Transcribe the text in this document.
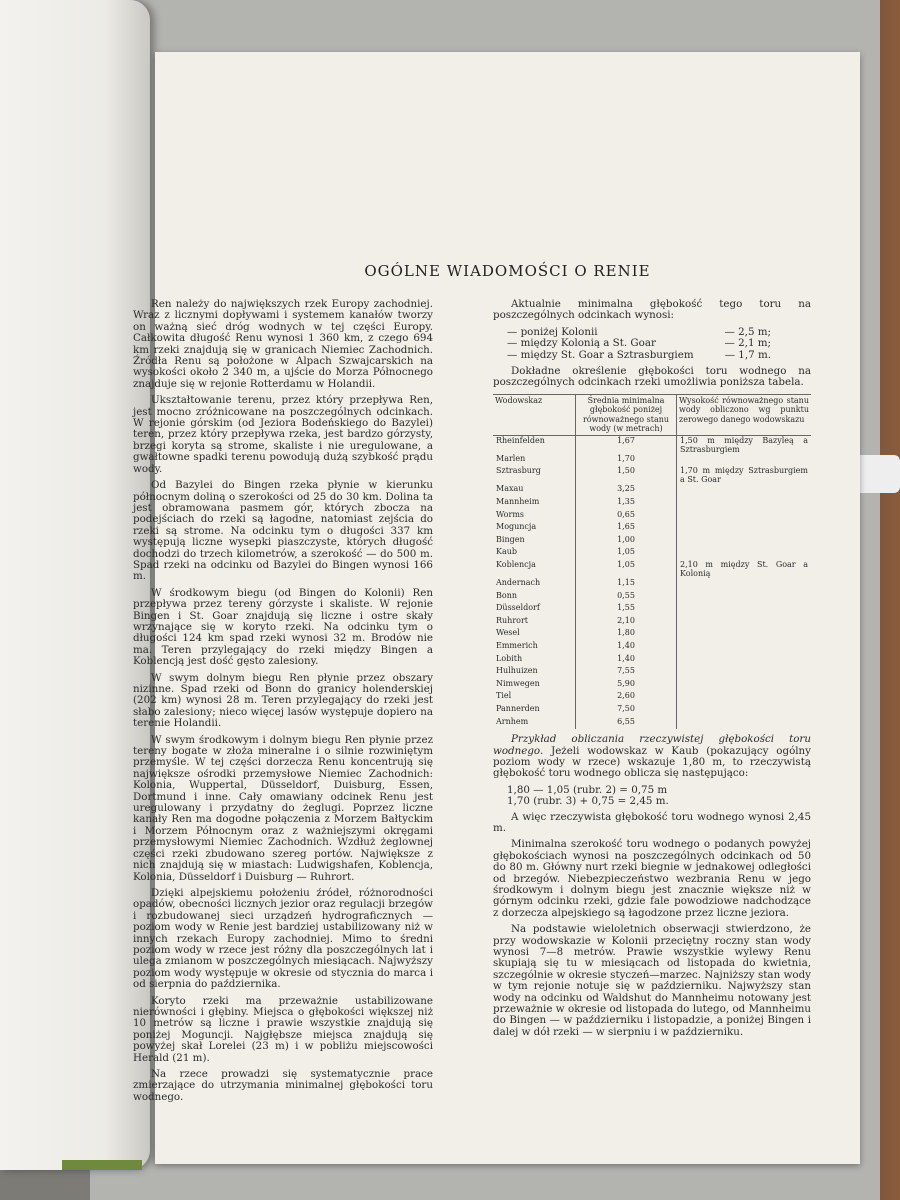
OGÓLNE WIADOMOŚCI O RENIE

Ren należy do największych rzek Europy zachodniej. Wraz z licznymi dopływami i systemem kanałów tworzy on ważną sieć dróg wodnych w tej części Europy. Całkowita długość Renu wynosi 1 360 km, z czego 694 km rzeki znajdują się w granicach Niemiec Zachodnich. Źródła Renu są położone w Alpach Szwajcarskich na wysokości około 2 340 m, a ujście do Morza Północnego znajduje się w rejonie Rotterdamu w Holandii.

Ukształtowanie terenu, przez który przepływa Ren, jest mocno zróżnicowane na poszczególnych odcinkach. W rejonie górskim (od Jeziora Bodeńskiego do Bazylei) teren, przez który przepływa rzeka, jest bardzo górzysty, brzegi koryta są strome, skaliste i nie uregulowane, a gwałtowne spadki terenu powodują dużą szybkość prądu wody.

Od Bazylei do Bingen rzeka płynie w kierunku północnym doliną o szerokości od 25 do 30 km. Dolina ta jest obramowana pasmem gór, których zbocza na podejściach do rzeki są łagodne, natomiast zejścia do rzeki są strome. Na odcinku tym o długości 337 km występują liczne wysepki piaszczyste, których długość dochodzi do trzech kilometrów, a szerokość — do 500 m. Spad rzeki na odcinku od Bazylei do Bingen wynosi 166 m.

W środkowym biegu (od Bingen do Kolonii) Ren przepływa przez tereny górzyste i skaliste. W rejonie Bingen i St. Goar znajdują się liczne i ostre skały wrzynające się w koryto rzeki. Na odcinku tym o długości 124 km spad rzeki wynosi 32 m. Brodów nie ma. Teren przylegający do rzeki między Bingen a Koblencją jest dość gęsto zalesiony.

W swym dolnym biegu Ren płynie przez obszary nizinne. Spad rzeki od Bonn do granicy holenderskiej (202 km) wynosi 28 m. Teren przylegający do rzeki jest słabo zalesiony; nieco więcej lasów występuje dopiero na terenie Holandii.

W swym środkowym i dolnym biegu Ren płynie przez tereny bogate w złoża mineralne i o silnie rozwiniętym przemyśle. W tej części dorzecza Renu koncentrują się największe ośrodki przemysłowe Niemiec Zachodnich: Kolonia, Wuppertal, Düsseldorf, Duisburg, Essen, Dortmund i inne. Cały omawiany odcinek Renu jest uregulowany i przydatny do żeglugi. Poprzez liczne kanały Ren ma dogodne połączenia z Morzem Bałtyckim i Morzem Północnym oraz z ważniejszymi okręgami przemysłowymi Niemiec Zachodnich. Wzdłuż żeglownej części rzeki zbudowano szereg portów. Największe z nich znajdują się w miastach: Ludwigshafen, Koblencja, Kolonia, Düsseldorf i Duisburg — Ruhrort.

Dzięki alpejskiemu położeniu źródeł, różnorodności opadów, obecności licznych jezior oraz regulacji brzegów i rozbudowanej sieci urządzeń hydrograficznych — poziom wody w Renie jest bardziej ustabilizowany niż w innych rzekach Europy zachodniej. Mimo to średni poziom wody w rzece jest różny dla poszczególnych lat i ulega zmianom w poszczególnych miesiącach. Najwyższy poziom wody występuje w okresie od stycznia do marca i od sierpnia do października.

Koryto rzeki ma przeważnie ustabilizowane nierówności i głębiny. Miejsca o głębokości większej niż 10 metrów są liczne i prawie wszystkie znajdują się poniżej Moguncji. Najgłębsze miejsca znajdują się powyżej skał Lorelei (23 m) i w pobliżu miejscowości Herald (21 m).

Na rzece prowadzi się systematycznie prace zmierzające do utrzymania minimalnej głębokości toru wodnego.

Aktualnie minimalna głębokość tego toru na poszczególnych odcinkach wynosi:

— poniżej Kolonii	— 2,5 m;
— między Kolonią a St. Goar	— 2,1 m;
— między St. Goar a Sztrasburgiem	— 1,7 m.

Dokładne określenie głębokości toru wodnego na poszczególnych odcinkach rzeki umożliwia poniższa tabela.

Wodowskaz	Średnia minimalna głębokość poniżej równoważnego stanu wody (w metrach)	Wysokość równoważnego stanu wody obliczono wg punktu zerowego danego wodowskazu
Rheinfelden	1,67	1,50 m między Bazyleą a Sztrasburgiem
Marlen	1,70	
Sztrasburg	1,50	1,70 m między Sztrasburgiem a St. Goar
Maxau	3,25	
Mannheim	1,35	
Worms	0,65	
Moguncja	1,65	
Bingen	1,00	
Kaub	1,05	
Koblencja	1,05	2,10 m między St. Goar a Kolonią
Andernach	1,15	
Bonn	0,55	
Düsseldorf	1,55	
Ruhrort	2,10	
Wesel	1,80	
Emmerich	1,40	
Lobith	1,40	
Hulhuizen	7,55	
Nimwegen	5,90	
Tiel	2,60	
Pannerden	7,50	
Arnhem	6,55	

Przykład obliczania rzeczywistej głębokości toru wodnego. Jeżeli wodowskaz w Kaub (pokazujący ogólny poziom wody w rzece) wskazuje 1,80 m, to rzeczywistą głębokość toru wodnego oblicza się następująco:

1,80 — 1,05 (rubr. 2) = 0,75 m
1,70 (rubr. 3) + 0,75 = 2,45 m.

A więc rzeczywista głębokość toru wodnego wynosi 2,45 m.

Minimalna szerokość toru wodnego o podanych powyżej głębokościach wynosi na poszczególnych odcinkach od 50 do 80 m. Główny nurt rzeki biegnie w jednakowej odległości od brzegów. Niebezpieczeństwo wezbrania Renu w jego środkowym i dolnym biegu jest znacznie większe niż w górnym odcinku rzeki, gdzie fale powodziowe nadchodzące z dorzecza alpejskiego są łagodzone przez liczne jeziora.

Na podstawie wieloletnich obserwacji stwierdzono, że przy wodowskazie w Kolonii przeciętny roczny stan wody wynosi 7—8 metrów. Prawie wszystkie wylewy Renu skupiają się tu w miesiącach od listopada do kwietnia, szczególnie w okresie styczeń—marzec. Najniższy stan wody w tym rejonie notuje się w październiku. Najwyższy stan wody na odcinku od Waldshut do Mannheimu notowany jest przeważnie w okresie od listopada do lutego, od Mannheimu do Bingen — w październiku i listopadzie, a poniżej Bingen i dalej w dół rzeki — w sierpniu i w październiku.
